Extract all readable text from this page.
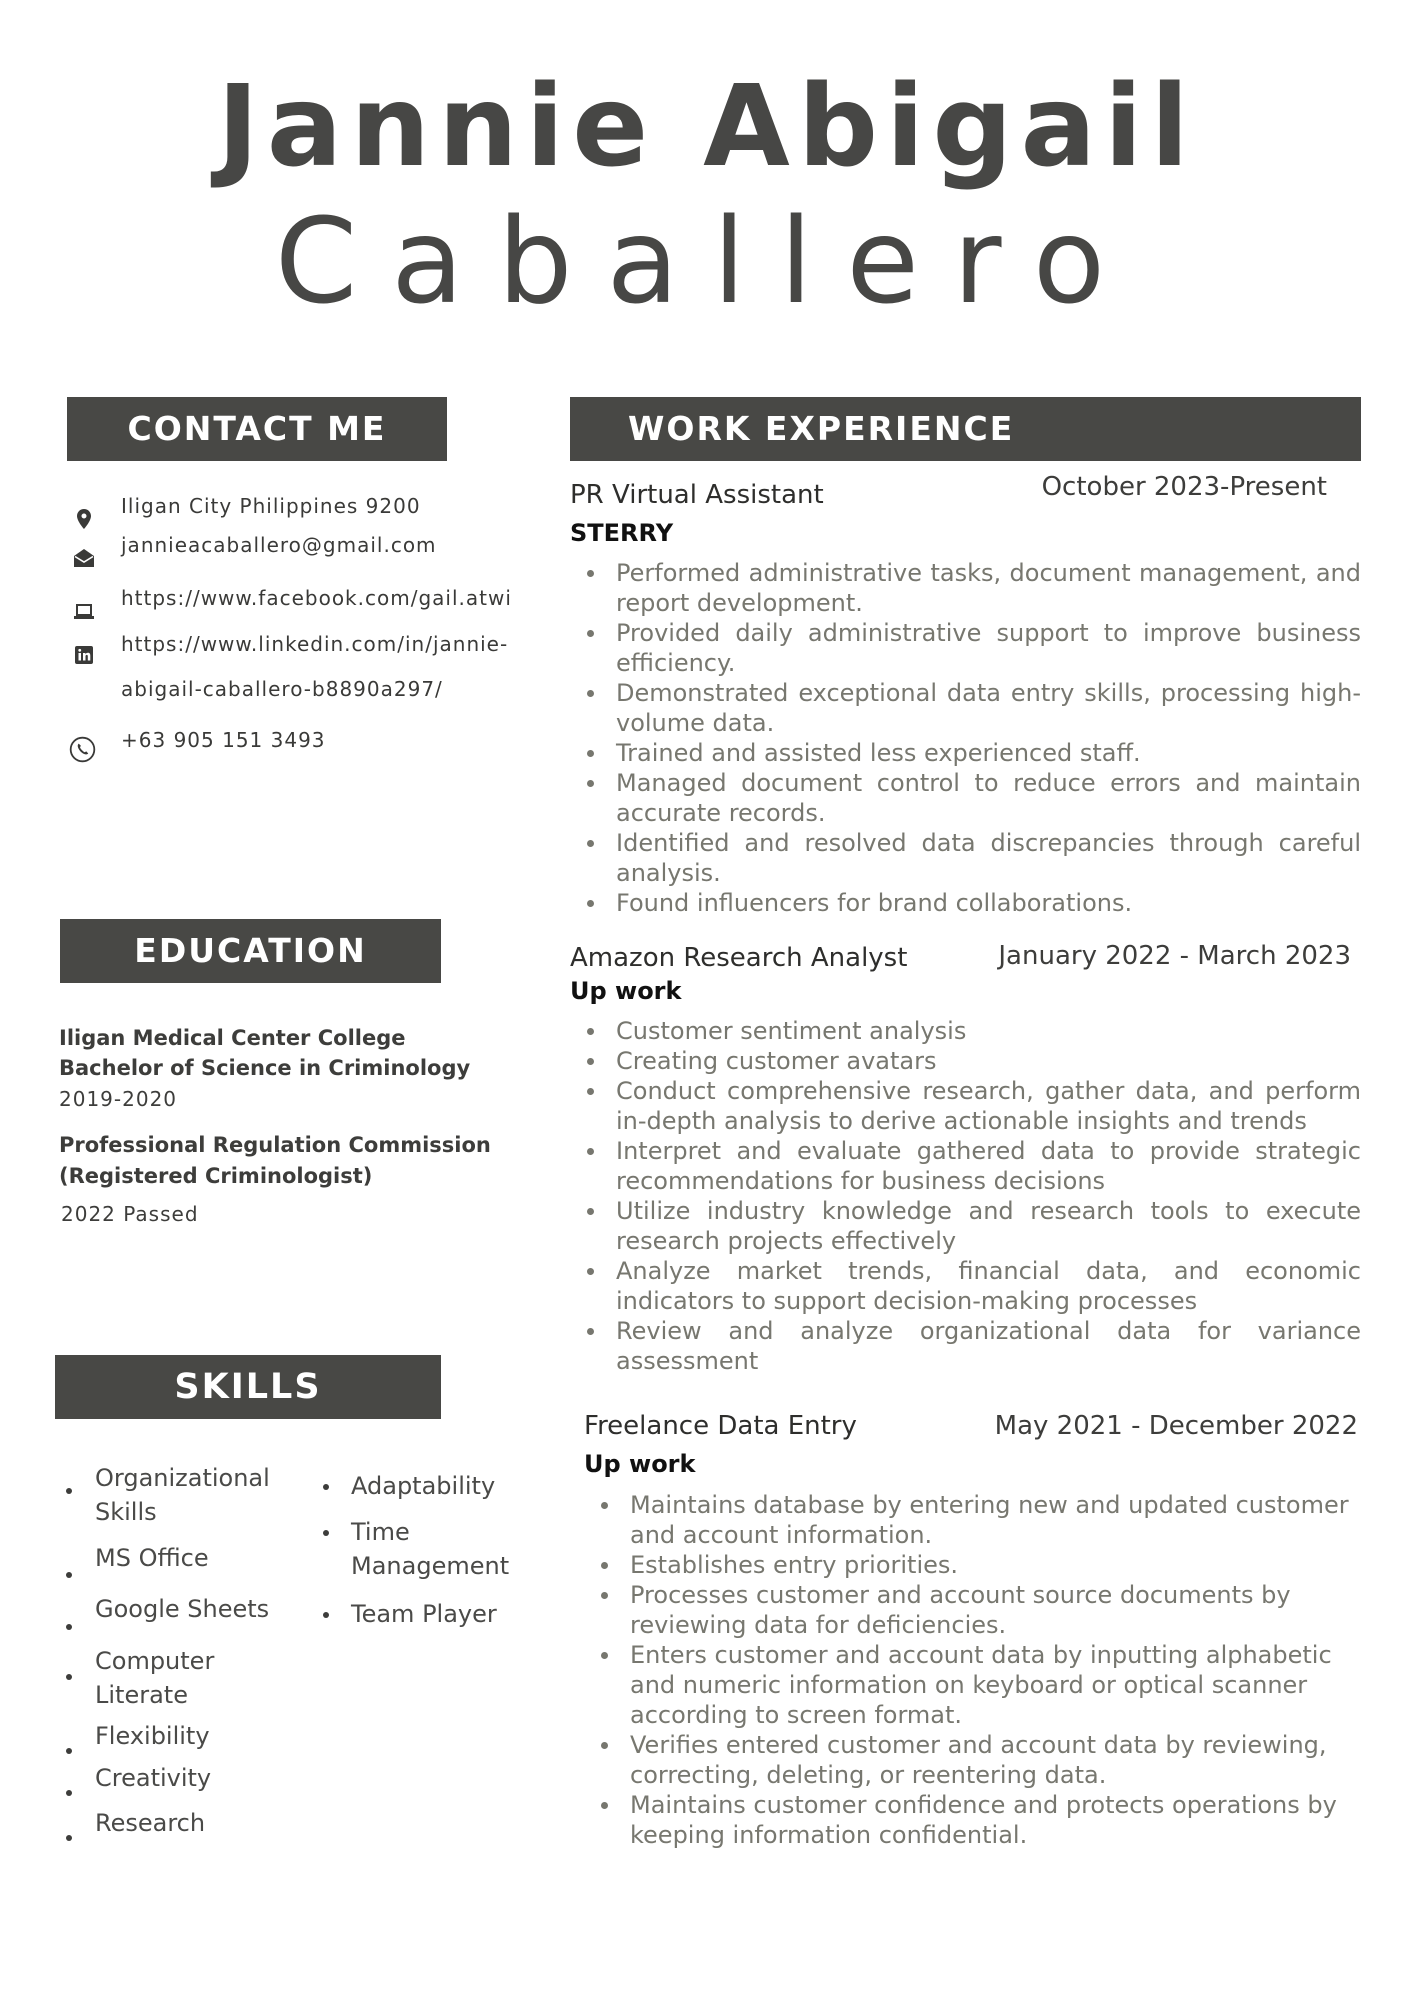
Jannie Abigail
Caballero
CONTACT ME
Iligan City Philippines 9200
jannieacaballero@gmail.com
https://www.facebook.com/gail.atwi
https://www.linkedin.com/in/jannie-
abigail-caballero-b8890a297/
+63 905 151 3493
EDUCATION
Iligan Medical Center College
Bachelor of Science in Criminology
2019-2020
Professional Regulation Commission
(Registered Criminologist)
2022 Passed
SKILLS
Organizational Skills
MS Office
Google Sheets
Computer Literate
Flexibility
Creativity
Research
Adaptability
Time Management
Team Player
WORK EXPERIENCE
PR Virtual Assistant	October 2023-Present
STERRY
Performed administrative tasks, document management, and report development.
Provided daily administrative support to improve business efficiency.
Demonstrated exceptional data entry skills, processing high-volume data.
Trained and assisted less experienced staff.
Managed document control to reduce errors and maintain accurate records.
Identified and resolved data discrepancies through careful analysis.
Found influencers for brand collaborations.
Amazon Research Analyst	January 2022 - March 2023
Up work
Customer sentiment analysis
Creating customer avatars
Conduct comprehensive research, gather data, and perform in-depth analysis to derive actionable insights and trends
Interpret and evaluate gathered data to provide strategic recommendations for business decisions
Utilize industry knowledge and research tools to execute research projects effectively
Analyze market trends, financial data, and economic indicators to support decision-making processes
Review and analyze organizational data for variance assessment
Freelance Data Entry	May 2021 - December 2022
Up work
Maintains database by entering new and updated customer and account information.
Establishes entry priorities.
Processes customer and account source documents by reviewing data for deficiencies.
Enters customer and account data by inputting alphabetic and numeric information on keyboard or optical scanner according to screen format.
Verifies entered customer and account data by reviewing, correcting, deleting, or reentering data.
Maintains customer confidence and protects operations by keeping information confidential.
